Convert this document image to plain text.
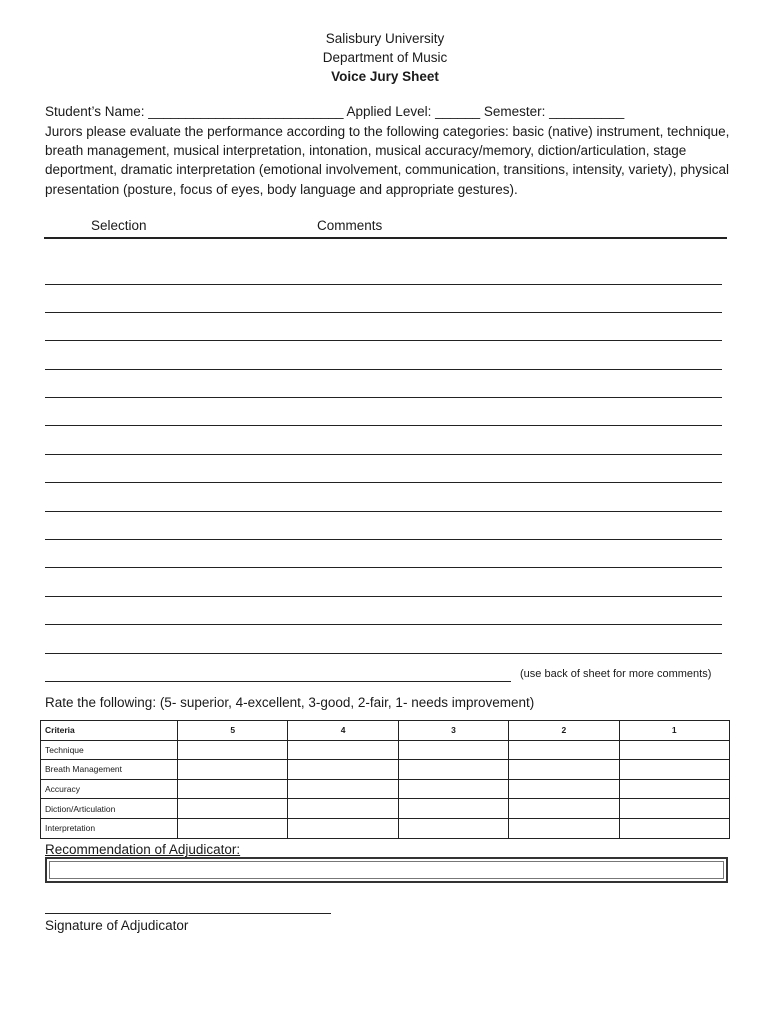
Salisbury University
Department of Music
Voice Jury Sheet
Student’s Name: __________________________ Applied Level: ______ Semester: __________
Jurors please evaluate the performance according to the following categories: basic (native) instrument, technique, breath management, musical interpretation, intonation, musical accuracy/memory, diction/articulation, stage deportment, dramatic interpretation (emotional involvement, communication, transitions, intensity, variety), physical presentation (posture, focus of eyes, body language and appropriate gestures).
Selection	Comments
(use back of sheet for more comments)
Rate the following: (5- superior, 4-excellent, 3-good, 2-fair, 1- needs improvement)
Criteria	5	4	3	2	1
Technique					
Breath Management					
Accuracy					
Diction/Articulation					
Interpretation					
Recommendation of Adjudicator:
Signature of Adjudicator
